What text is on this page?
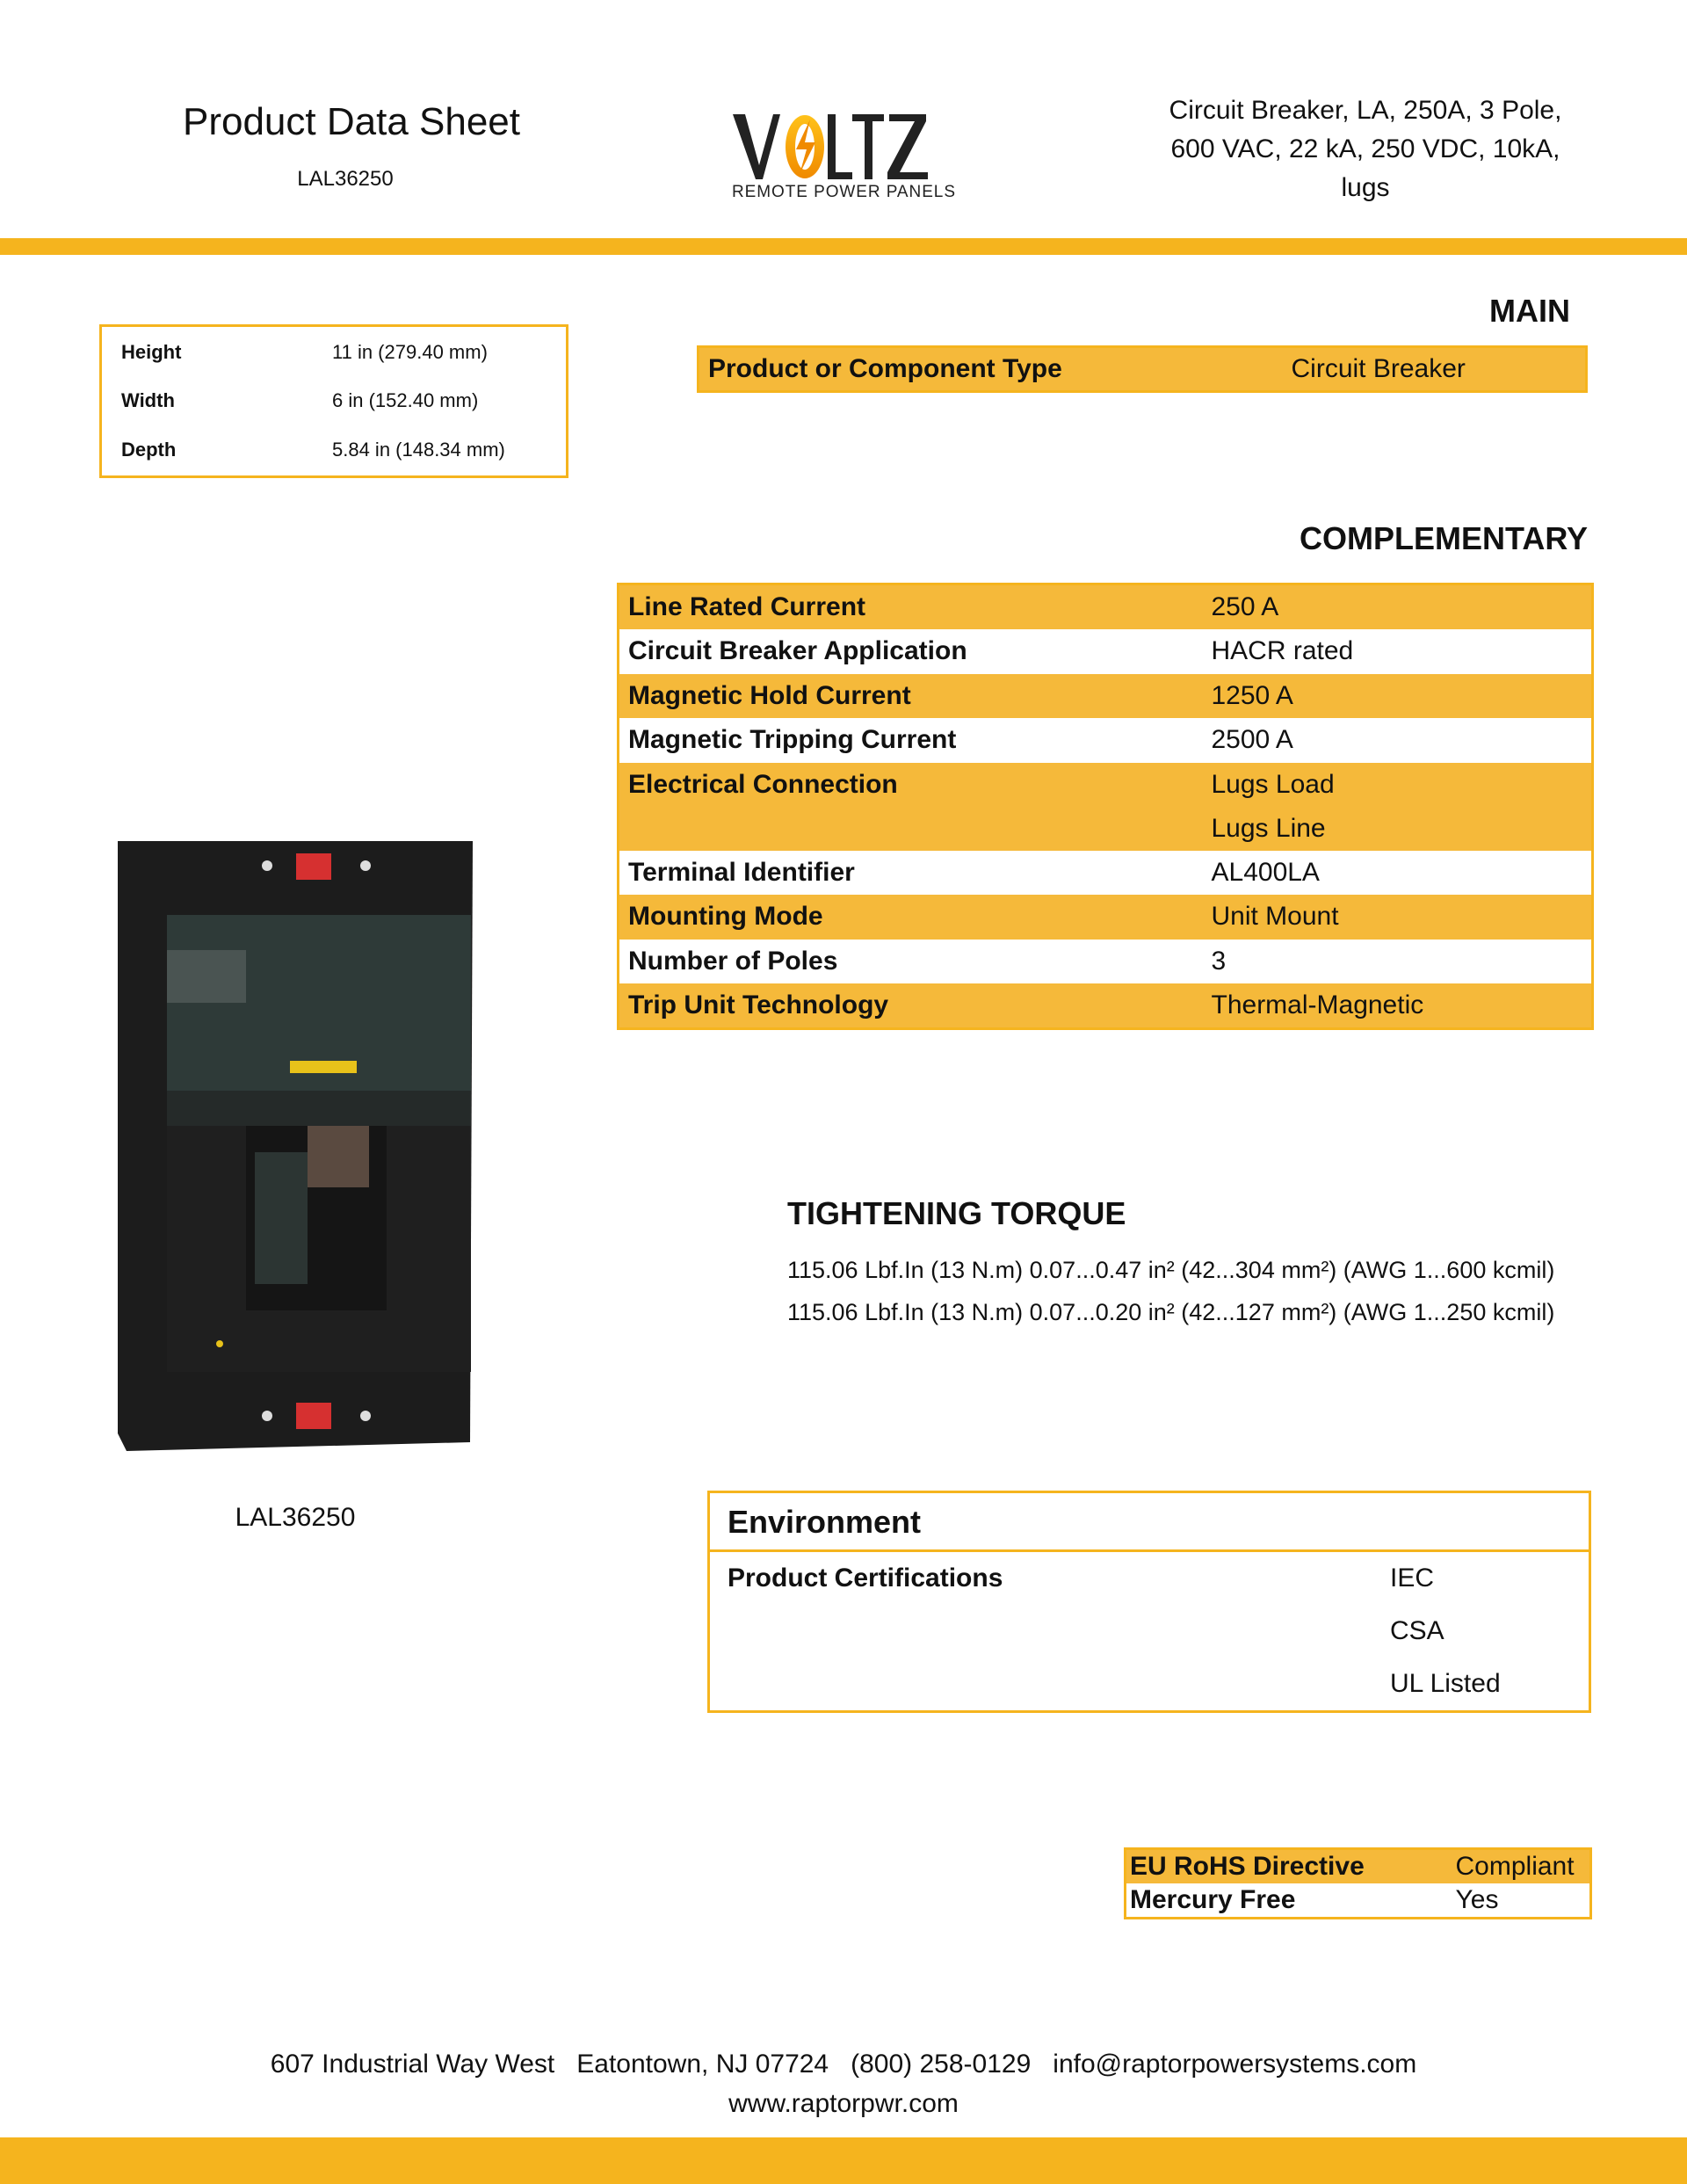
Product Data Sheet
LAL36250
REMOTE POWER PANELS
Circuit Breaker, LA, 250A, 3 Pole,
600 VAC, 22 kA, 250 VDC, 10kA,
lugs
Height	11 in (279.40 mm)
Width	6 in (152.40 mm)
Depth	5.84 in (148.34 mm)
MAIN
Product or Component Type	Circuit Breaker
COMPLEMENTARY
Line Rated Current	250 A
Circuit Breaker Application	HACR rated
Magnetic Hold Current	1250 A
Magnetic Tripping Current	2500 A
Electrical Connection	Lugs Load
Lugs Line

Terminal Identifier	AL400LA
Mounting Mode	Unit Mount
Number of Poles	3
Trip Unit Technology	Thermal-Magnetic
LAL36250
TIGHTENING TORQUE
115.06 Lbf.In (13 N.m) 0.07...0.47 in² (42...304 mm²) (AWG 1...600 kcmil)
115.06 Lbf.In (13 N.m) 0.07...0.20 in² (42...127 mm²) (AWG 1...250 kcmil)
Environment
Product Certifications	IEC
CSA
UL Listed
EU RoHS Directive	Compliant
Mercury Free	Yes
607 Industrial Way West   Eatontown, NJ 07724   (800) 258-0129   info@raptorpowersystems.com
www.raptorpwr.com
